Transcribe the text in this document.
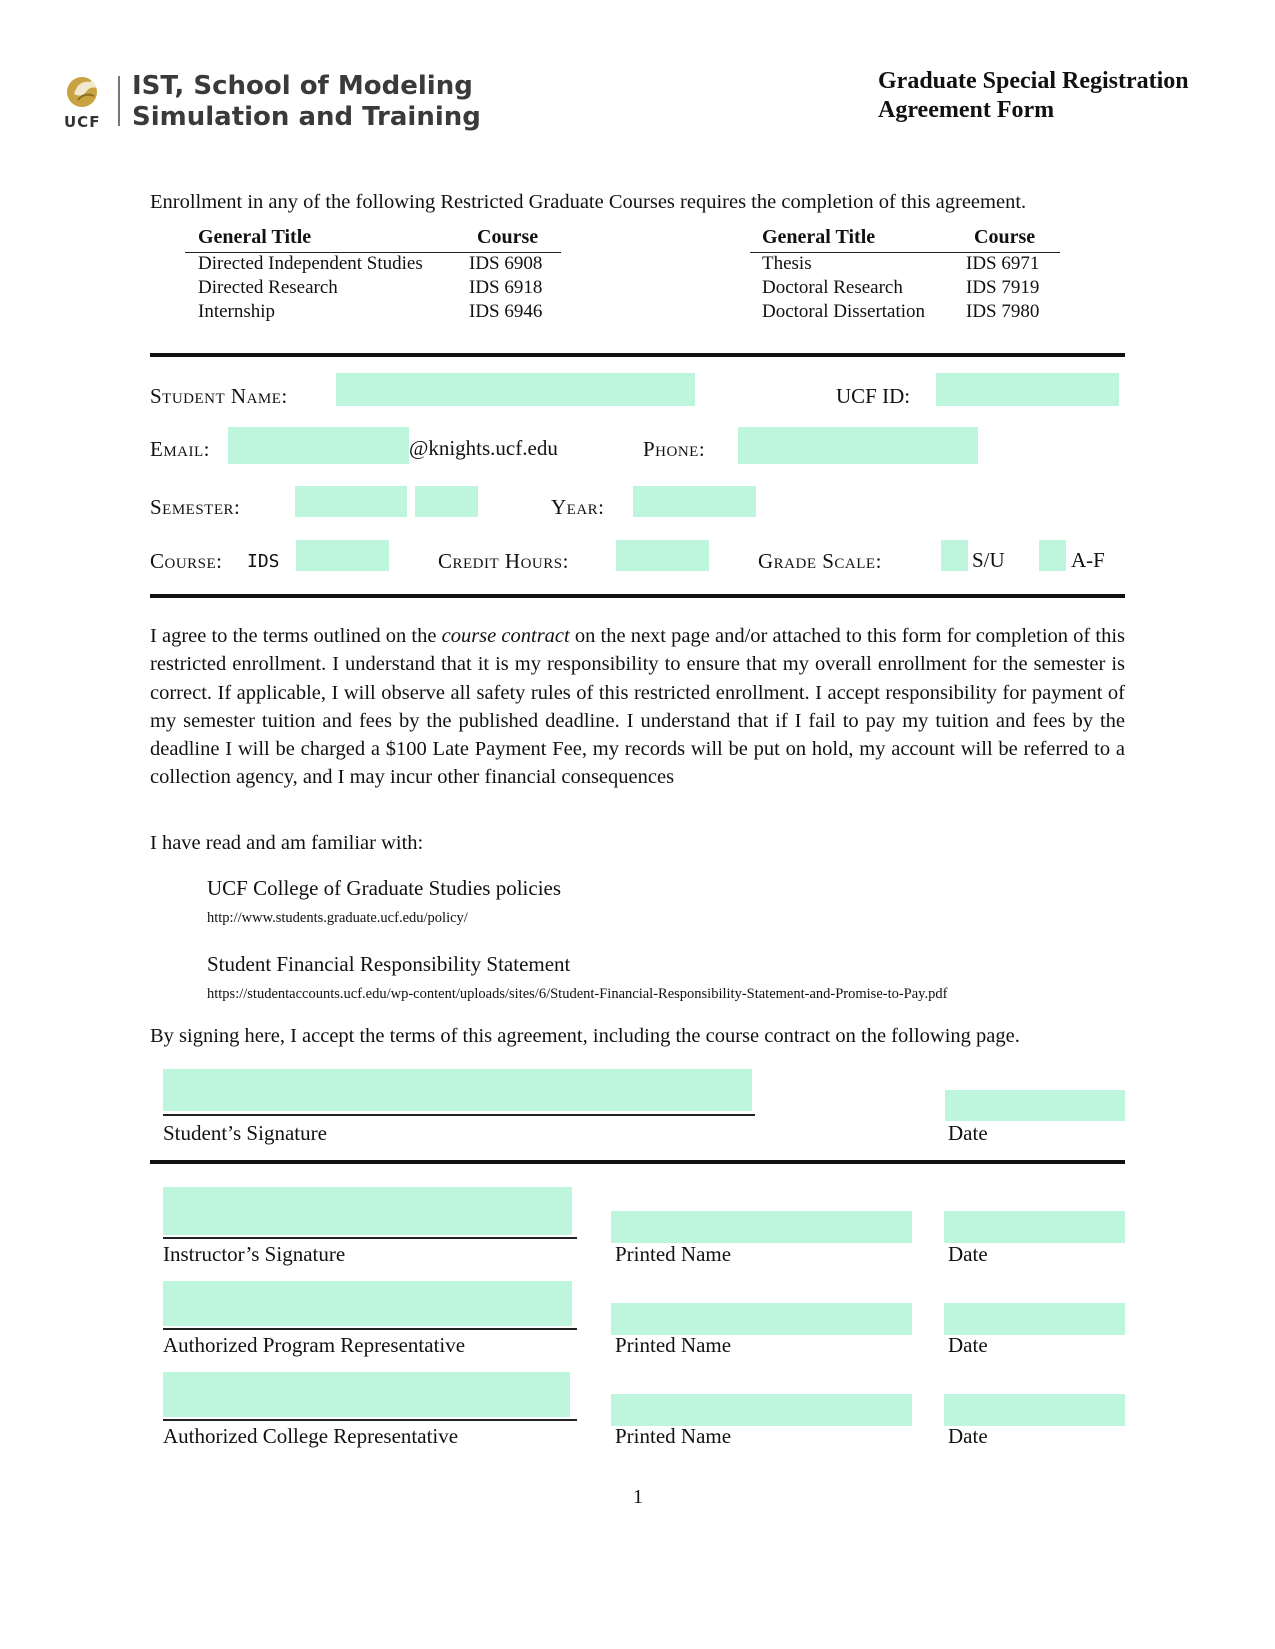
UCF
IST, School of Modeling
Simulation and Training
Graduate Special Registration
Agreement Form
Enrollment in any of the following Restricted Graduate Courses requires the completion of this agreement.
General Title	Course
Directed Independent Studies IDS 6908
Directed Research	IDS 6918
Internship	IDS 6946
General Title	Course
Thesis	IDS 6971
Doctoral Research	IDS 7919
Doctoral Dissertation IDS 7980
Student Name:	UCF ID:
Email:	@knights.ucf.edu	Phone:
Semester:	Year:
Course: IDS	Credit Hours:	Grade Scale:	S/U	A-F
I agree to the terms outlined on the course contract on the next page and/or attached to this form for completion of this restricted enrollment. I understand that it is my responsibility to ensure that my overall enrollment for the semester is correct. If applicable, I will observe all safety rules of this restricted enrollment. I accept responsibility for payment of my semester tuition and fees by the published deadline. I understand that if I fail to pay my tuition and fees by the deadline I will be charged a $100 Late Payment Fee, my records will be put on hold, my account will be referred to a collection agency, and I may incur other financial consequences
I have read and am familiar with:
UCF College of Graduate Studies policies
http://www.students.graduate.ucf.edu/policy/
Student Financial Responsibility Statement
https://studentaccounts.ucf.edu/wp-content/uploads/sites/6/Student-Financial-Responsibility-Statement-and-Promise-to-Pay.pdf
By signing here, I accept the terms of this agreement, including the course contract on the following page.
Student’s Signature	Date
Instructor’s Signature	Printed Name	Date
Authorized Program Representative	Printed Name	Date
Authorized College Representative	Printed Name	Date
1
